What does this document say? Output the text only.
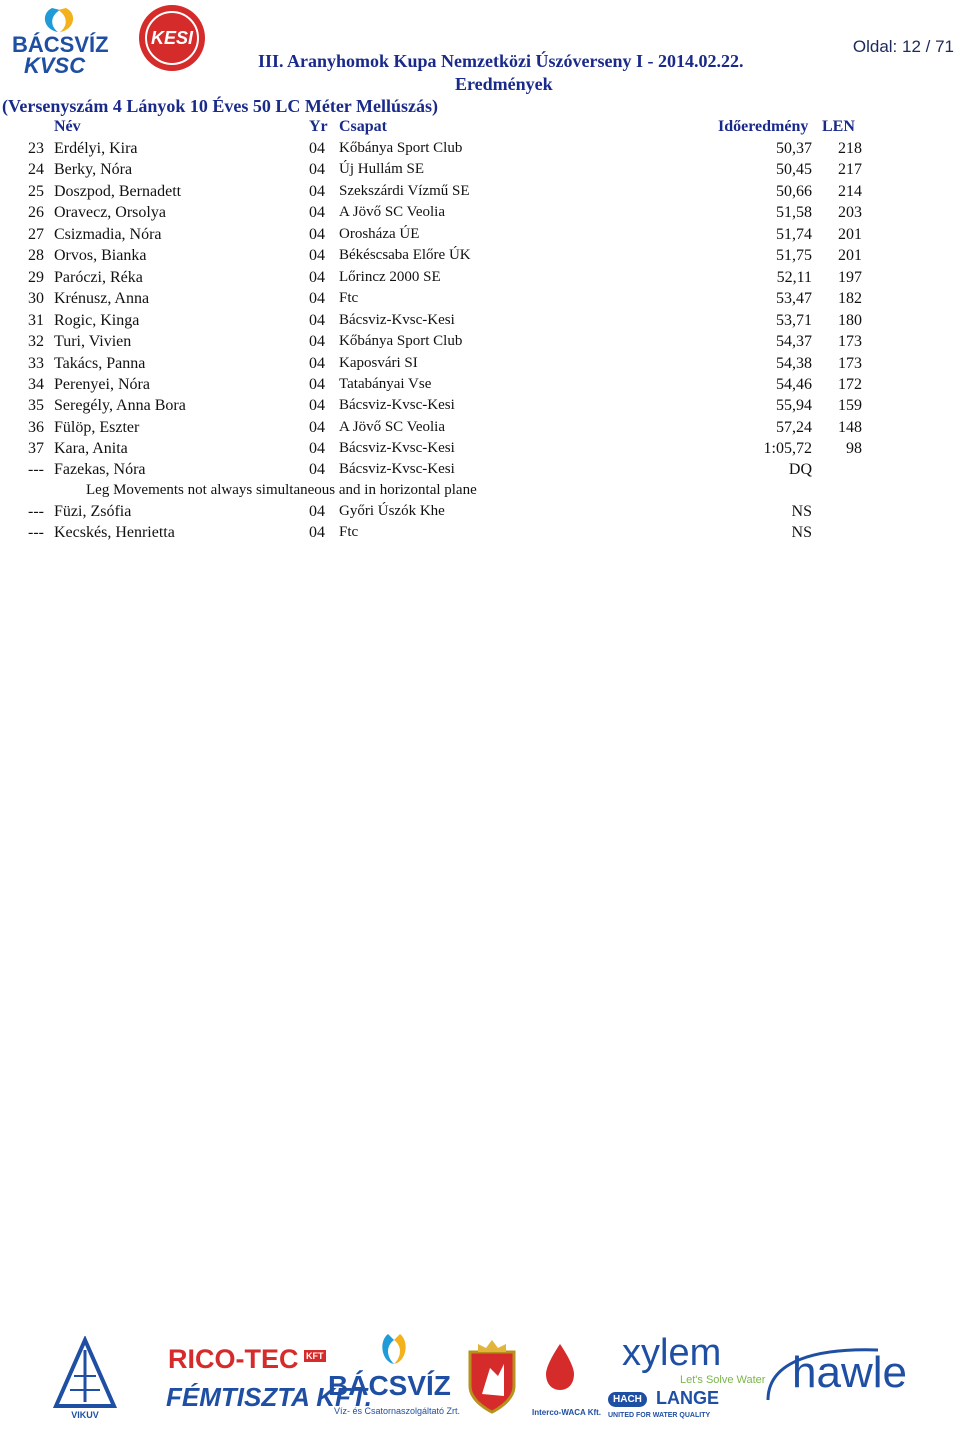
BÁCSVÍZ
KVSC
KESI	Oldal: 12 / 71
III. Aranyhomok Kupa Nemzetközi Úszóverseny I - 2014.02.22.
Eredmények
(Versenyszám 4 Lányok 10 Éves 50 LC Méter Mellúszás)
Név	Yr Csapat	Időeredmény LEN
23 Erdélyi, Kira	04 Kőbánya Sport Club	50,37	218
24 Berky, Nóra	04 Új Hullám SE	50,45	217
25 Doszpod, Bernadett	04 Szekszárdi Vízmű SE	50,66	214
26 Oravecz, Orsolya	04 A Jövő SC Veolia	51,58	203
27 Csizmadia, Nóra	04 Orosháza ÚE	51,74	201
28 Orvos, Bianka	04 Békéscsaba Előre ÚK	51,75	201
29 Paróczi, Réka	04 Lőrincz 2000 SE	52,11	197
30 Krénusz, Anna	04 Ftc	53,47	182
31 Rogic, Kinga	04 Bácsviz-Kvsc-Kesi	53,71	180
32 Turi, Vivien	04 Kőbánya Sport Club	54,37	173
33 Takács, Panna	04 Kaposvári SI	54,38	173
34 Perenyei, Nóra	04 Tatabányai Vse	54,46	172
35 Seregély, Anna Bora	04 Bácsviz-Kvsc-Kesi	55,94	159
36 Fülöp, Eszter	04 A Jövő SC Veolia	57,24	148
37 Kara, Anita	04 Bácsviz-Kvsc-Kesi	1:05,72	98
--- Fazekas, Nóra	04 Bácsviz-Kvsc-Kesi	DQ
Leg Movements not always simultaneous and in horizontal plane
--- Füzi, Zsófia	04 Győri Úszók Khe	NS
--- Kecskés, Henrietta	04 Ftc	NS
VIKUV
RICO-TEC KFT
FÉMTISZTA KFT.
BÁCSVÍZ
Víz- és Csatornaszolgáltató Zrt.	Interco-WACA Kft.
xylem
Let's Solve Water
HACH LANGE
UNITED FOR WATER QUALITY
hawle
